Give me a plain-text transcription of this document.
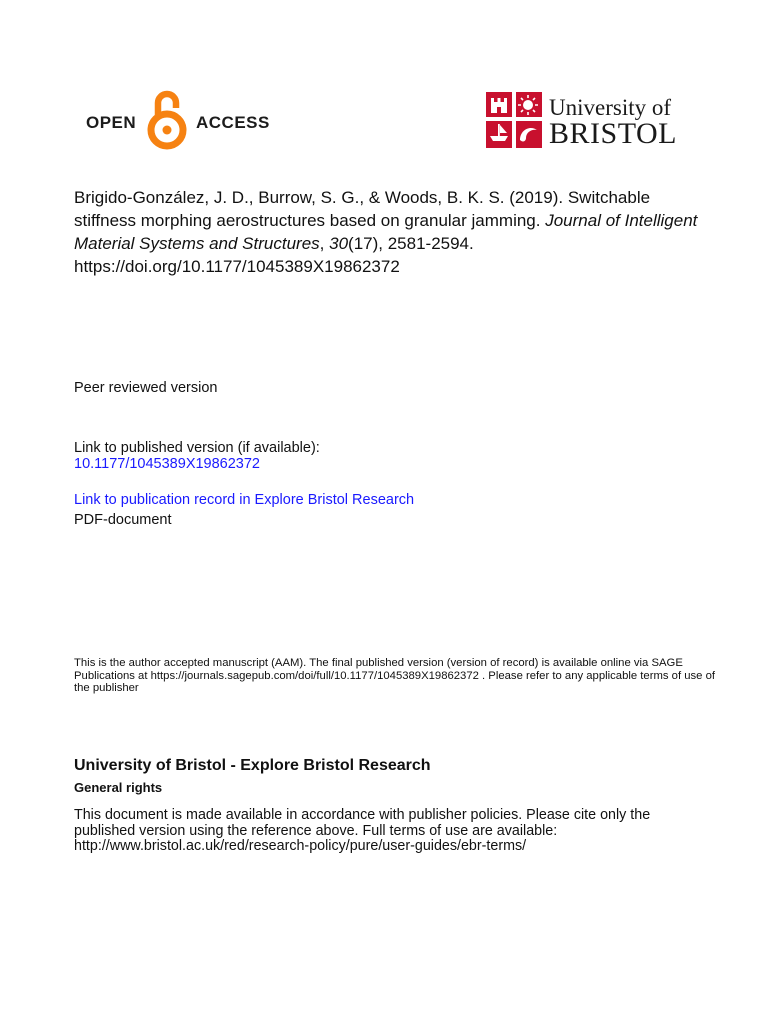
OPEN	ACCESS
University of
BRISTOL
Brigido-González, J. D., Burrow, S. G., & Woods, B. K. S. (2019). Switchable stiffness morphing aerostructures based on granular jamming. Journal of Intelligent Material Systems and Structures, 30(17), 2581-2594. https://doi.org/10.1177/1045389X19862372
Peer reviewed version
Link to published version (if available):
10.1177/1045389X19862372
Link to publication record in Explore Bristol Research
PDF-document
This is the author accepted manuscript (AAM). The final published version (version of record) is available online via SAGE Publications at https://journals.sagepub.com/doi/full/10.1177/1045389X19862372 . Please refer to any applicable terms of use of the publisher
University of Bristol - Explore Bristol Research
General rights
This document is made available in accordance with publisher policies. Please cite only the published version using the reference above. Full terms of use are available: http://www.bristol.ac.uk/red/research-policy/pure/user-guides/ebr-terms/
